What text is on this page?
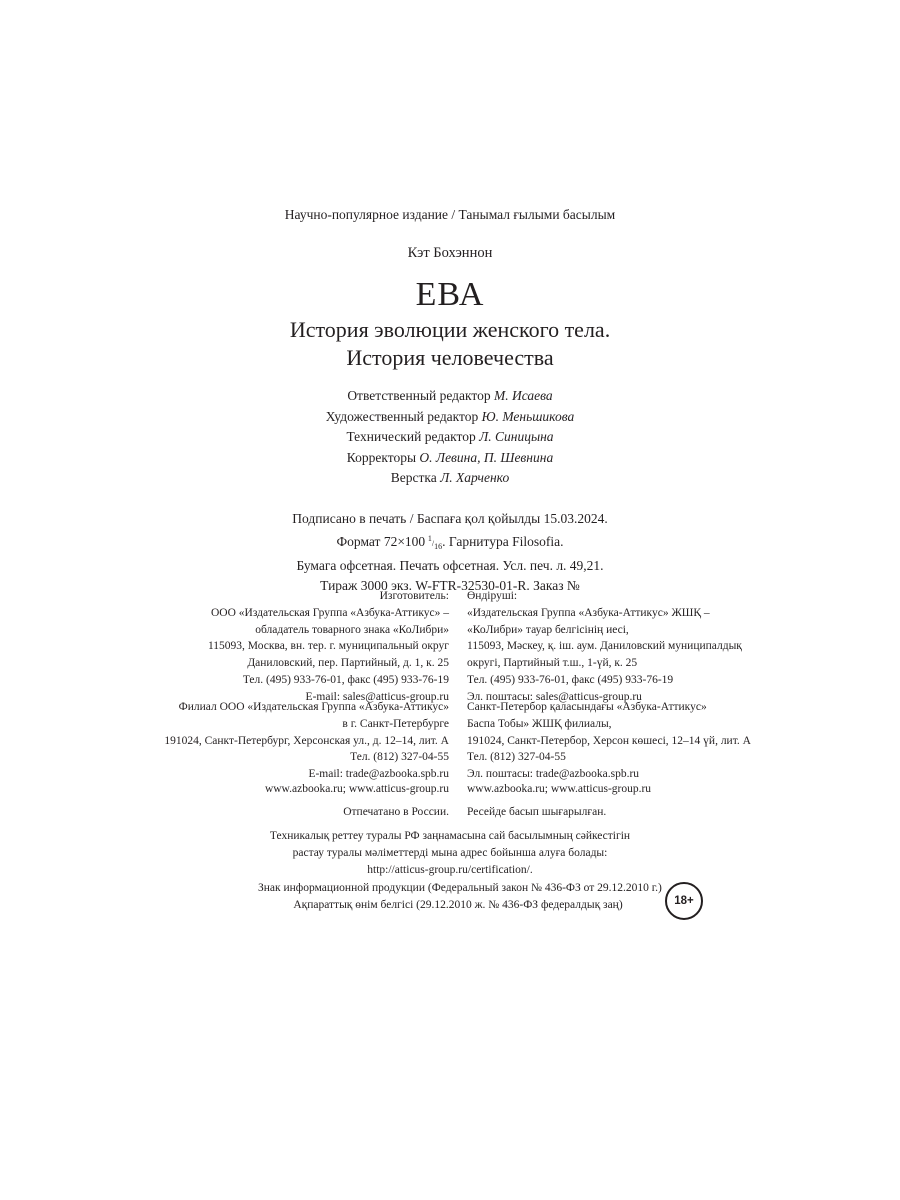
Научно-популярное издание / Танымал ғылыми басылым
Кэт Бохэннон
ЕВА
История эволюции женского тела.
История человечества
Ответственный редактор М. Исаева
Художественный редактор Ю. Меньшикова
Технический редактор Л. Синицына
Корректоры О. Левина, П. Шевнина
Верстка Л. Харченко
Подписано в печать / Баспаға қол қойылды 15.03.2024.
Формат 72×100  $^1/_{16}$. Гарнитура Filosofia.
Бумага офсетная. Печать офсетная. Усл. печ. л. 49,21.
Тираж 3000 экз. W-FTR-32530-01-R. Заказ №
Изготовитель:
ООО «Издательская Группа «Азбука-Аттикус» –
обладатель товарного знака «КоЛибри»
115093, Москва, вн. тер. г. муниципальный округ
Даниловский, пер. Партийный, д. 1, к. 25
Тел. (495) 933-76-01, факс (495) 933-76-19
E-mail: sales@atticus-group.ru
Өндіруші:
«Издательская Группа «Азбука-Аттикус» ЖШҚ –
«КоЛибри» тауар белгісінің иесі,
115093, Мәскеу, қ. іш. аум. Даниловский муниципалдық
округі, Партийный т.ш., 1-үй, к. 25
Тел. (495) 933-76-01, факс (495) 933-76-19
Эл. поштасы: sales@atticus-group.ru
Филиал ООО «Издательская Группа «Азбука-Аттикус»
в г. Санкт-Петербурге
191024, Санкт-Петербург, Херсонская ул., д. 12–14, лит. А
Тел. (812) 327-04-55
E-mail: trade@azbooka.spb.ru
Санкт-Петербор қаласындағы «Азбука-Аттикус»
Баспа Тобы» ЖШҚ филиалы,
191024, Санкт-Петербор, Херсон көшесі, 12–14 үй, лит. А
Тел. (812) 327-04-55
Эл. поштасы: trade@azbooka.spb.ru
www.azbooka.ru; www.atticus-group.ru www.azbooka.ru; www.atticus-group.ru
Отпечатано в России. Ресейде басып шығарылған.
Техникалық реттеу туралы РФ заңнамасына сай басылымның сәйкестігін
растау туралы мәліметтерді мына адрес бойынша алуға болады:
http://atticus-group.ru/certification/.
Знак информационной продукции (Федеральный закон № 436-ФЗ от 29.12.2010 г.)
Ақпараттық өнім белгісі (29.12.2010 ж. № 436-ФЗ федералдық заң)	18+
